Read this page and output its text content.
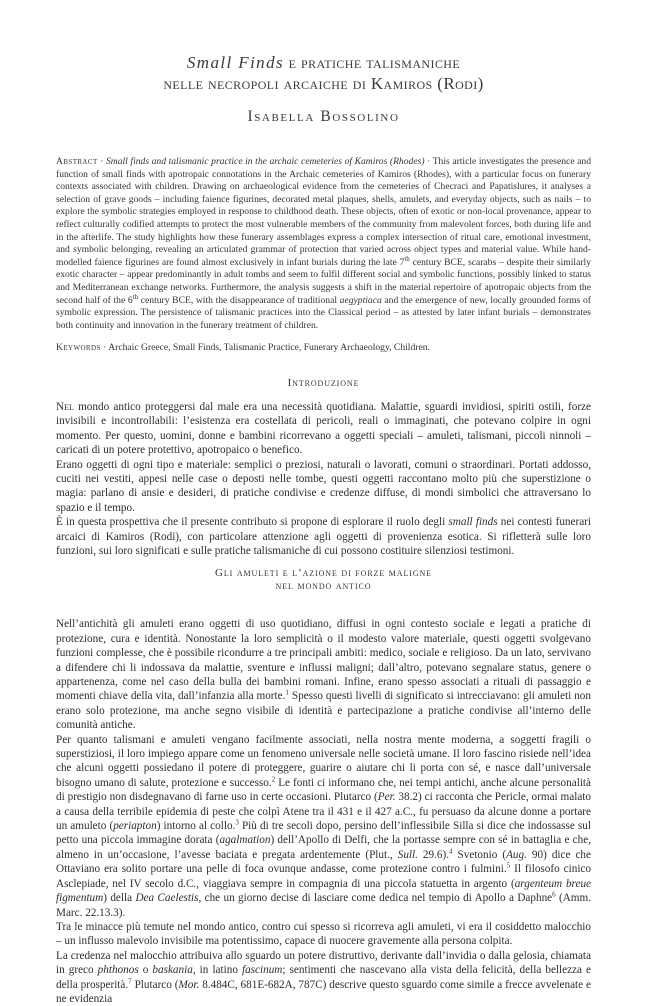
Small Finds e pratiche talismaniche
nelle necropoli arcaiche di Kamiros (Rodi)
Isabella Bossolino
Abstract · Small finds and talismanic practice in the archaic cemeteries of Kamiros (Rhodes) · This article investigates the presence and function of small finds with apotropaic connotations in the Archaic cemeteries of Kamiros (Rhodes), with a particular focus on funerary contexts associated with children. Drawing on archaeological evidence from the cemeteries of Checraci and Papatislures, it analyses a selection of grave goods – including faience figurines, decorated metal plaques, shells, amulets, and everyday objects, such as nails – to explore the symbolic strategies employed in response to childhood death. These objects, often of exotic or non-local provenance, appear to reflect culturally codified attempts to protect the most vulnerable members of the community from malevolent forces, both during life and in the afterlife. The study highlights how these funerary assemblages express a complex intersection of ritual care, emotional investment, and symbolic belonging, revealing an articulated grammar of protection that varied across object types and material value. While hand-modelled faience figurines are found almost exclusively in infant burials during the late 7th century BCE, scarabs – despite their similarly exotic character – appear predominantly in adult tombs and seem to fulfil different social and symbolic functions, possibly linked to status and Mediterranean exchange networks. Furthermore, the analysis suggests a shift in the material repertoire of apotropaic objects from the second half of the 6th century BCE, with the disappearance of traditional aegyptiaca and the emergence of new, locally grounded forms of symbolic expression. The persistence of talismanic practices into the Classical period – as attested by later infant burials – demonstrates both continuity and innovation in the funerary treatment of children.
Keywords · Archaic Greece, Small Finds, Talismanic Practice, Funerary Archaeology, Children.
Introduzione

Nel mondo antico proteggersi dal male era una necessità quotidiana. Malattie, sguardi invidiosi, spiriti ostili, forze invisibili e incontrollabili: l’esistenza era costellata di pericoli, reali o immaginati, che potevano colpire in ogni momento. Per questo, uomini, donne e bambini ricorrevano a oggetti speciali – amuleti, talismani, piccoli ninnoli – caricati di un potere protettivo, apotropaico o benefico.

Erano oggetti di ogni tipo e materiale: semplici o preziosi, naturali o lavorati, comuni o straordinari. Portati addosso, cuciti nei vestiti, appesi nelle case o deposti nelle tombe, questi oggetti raccontano molto più che superstizione o magia: parlano di ansie e desideri, di pratiche condivise e credenze diffuse, di mondi simbolici che attraversano lo spazio e il tempo.

È in questa prospettiva che il presente contributo si propone di esplorare il ruolo degli small finds nei contesti funerari arcaici di Kamiros (Rodi), con particolare attenzione agli oggetti di provenienza esotica. Si rifletterà sulle loro funzioni, sui loro significati e sulle pratiche talismaniche di cui possono costituire silenziosi testimoni.

Gli amuleti e l’azione di forze maligne
nel mondo antico

Nell’antichità gli amuleti erano oggetti di uso quotidiano, diffusi in ogni contesto sociale e legati a pratiche di protezione, cura e identità. Nonostante la loro semplicità o il modesto valore materiale, questi oggetti svolgevano funzioni complesse, che è possibile ricondurre a tre principali ambiti: medico, sociale e religioso. Da un lato, servivano a difendere chi li indossava da malattie, sventure e influssi maligni; dall’altro, potevano segnalare status, genere o appartenenza, come nel caso della bulla dei bambini romani. Infine, erano spesso associati a rituali di passaggio e momenti chiave della vita, dall’infanzia alla morte.$^1$ Spesso questi livelli di significato si intrecciavano: gli amuleti non erano solo protezione, ma anche segno visibile di identità e partecipazione a pratiche condivise all’interno delle comunità antiche.

Per quanto talismani e amuleti vengano facilmente associati, nella nostra mente moderna, a soggetti fragili o superstiziosi, il loro impiego appare come un fenomeno universale nelle società umane. Il loro fascino risiede nell’idea che alcuni oggetti possiedano il potere di proteggere, guarire o aiutare chi li porta con sé, e nasce dall’universale bisogno umano di salute, protezione e successo.$^2$ Le fonti ci informano che, nei tempi antichi, anche alcune personalità di prestigio non disdegnavano di farne uso in certe occasioni. Plutarco (Per. 38.2) ci racconta che Pericle, ormai malato a causa della terribile epidemia di peste che colpì Atene tra il 431 e il 427 a.C., fu persuaso da alcune donne a portare un amuleto (periapton) intorno al collo.$^3$ Più di tre secoli dopo, persino dell’inflessibile Silla si dice che indossasse sul petto una piccola immagine dorata (agalmation) dell’Apollo di Delfi, che la portasse sempre con sé in battaglia e che, almeno in un’occasione, l’avesse baciata e pregata ardentemente (Plut., Sull. 29.6).$^4$ Svetonio (Aug. 90) dice che Ottaviano era solito portare una pelle di foca ovunque andasse, come protezione contro i fulmini.$^5$ Il filosofo cinico Asclepiade, nel IV secolo d.C., viaggiava sempre in compagnia di una piccola statuetta in argento (argenteum breue figmentum) della Dea Caelestis, che un giorno decise di lasciare come dedica nel tempio di Apollo a Daphne$^6$ (Amm. Marc. 22.13.3).

Tra le minacce più temute nel mondo antico, contro cui spesso si ricorreva agli amuleti, vi era il cosiddetto malocchio – un influsso malevolo invisibile ma potentissimo, capace di nuocere gravemente alla persona colpita.

La credenza nel malocchio attribuiva allo sguardo un potere distruttivo, derivante dall’invidia o dalla gelosia, chiamata in greco phthonos o baskania, in latino fascinum; sentimenti che nascevano alla vista della felicità, della bellezza e della prosperità.$^7$ Plutarco (Mor. 8.484C, 681E-682A, 787C) descrive questo sguardo come simile a frecce avvelenate e ne evidenzia
